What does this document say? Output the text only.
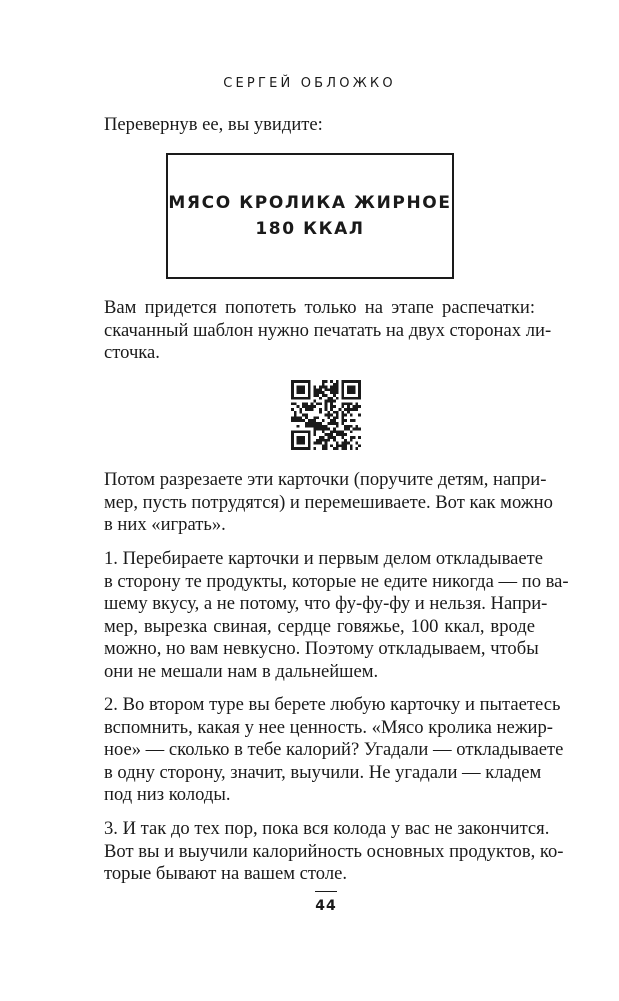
СЕРГЕЙ ОБЛОЖКО
Перевернув ее, вы увидите:
МЯСО КРОЛИКА ЖИРНОЕ
180 ККАЛ
Вам придется попотеть только на этапе распечатки:
скачанный шаблон нужно печатать на двух сторонах ли-
сточка.
Потом разрезаете эти карточки (поручите детям, напри-
мер, пусть потрудятся) и перемешиваете. Вот как можно
в них «играть».
1. Перебираете карточки и первым делом откладываете
в сторону те продукты, которые не едите никогда — по ва-
шему вкусу, а не потому, что фу-фу-фу и нельзя. Напри-
мер, вырезка свиная, сердце говяжье, 100 ккал, вроде
можно, но вам невкусно. Поэтому откладываем, чтобы
они не мешали нам в дальнейшем.
2. Во втором туре вы берете любую карточку и пытаетесь
вспомнить, какая у нее ценность. «Мясо кролика нежир-
ное» — сколько в тебе калорий? Угадали — откладываете
в одну сторону, значит, выучили. Не угадали — кладем
под низ колоды.
3. И так до тех пор, пока вся колода у вас не закончится.
Вот вы и выучили калорийность основных продуктов, ко-
торые бывают на вашем столе.
44
